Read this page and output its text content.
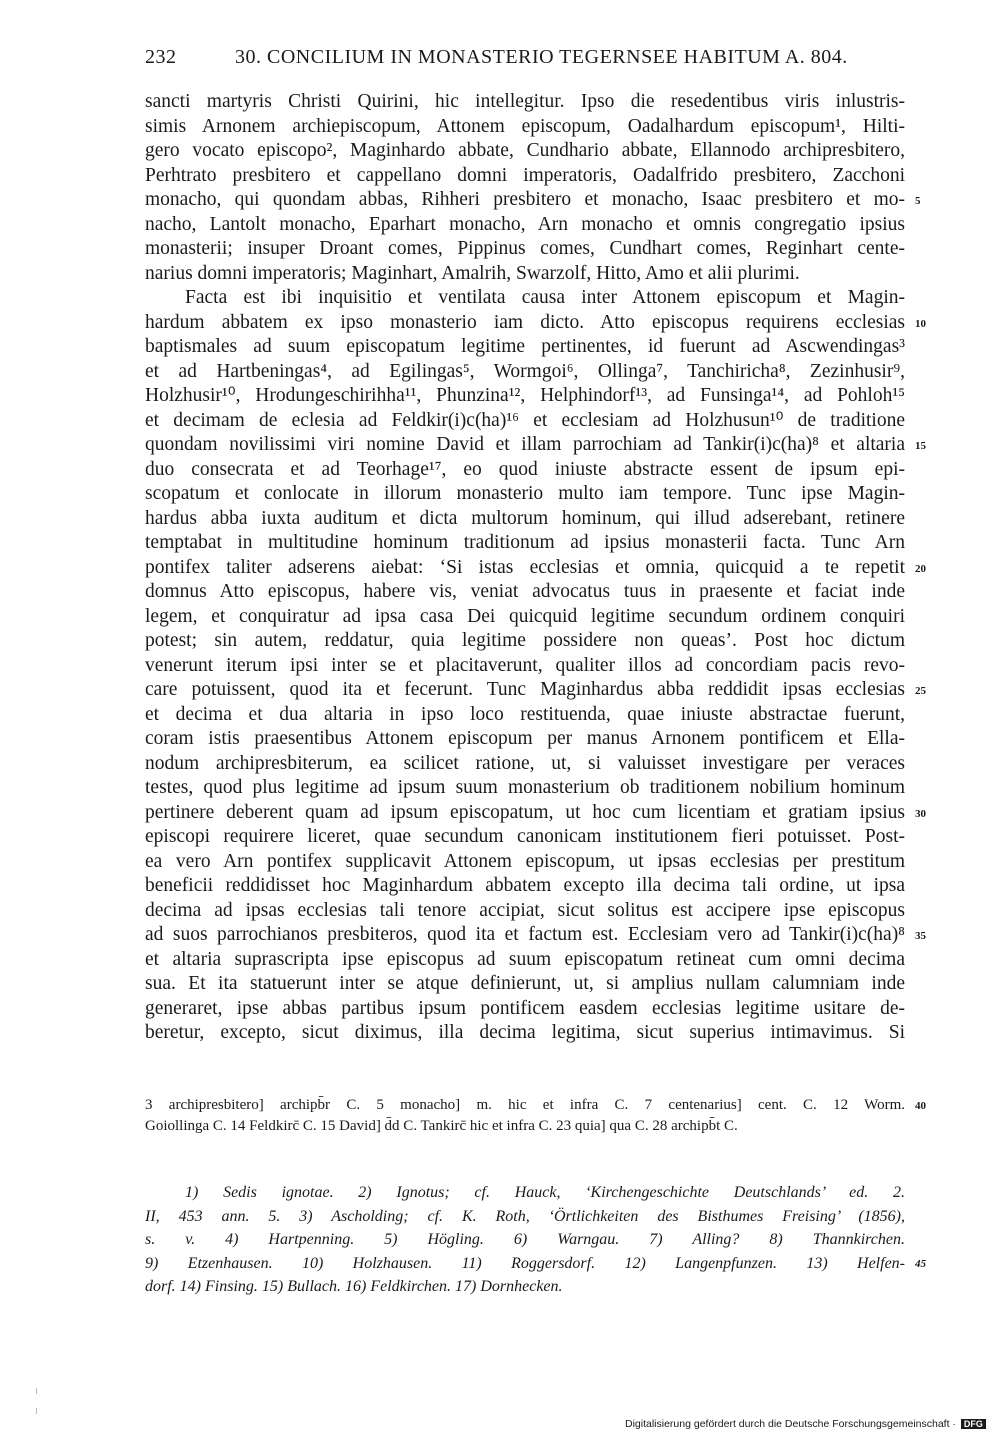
232	30. CONCILIUM IN MONASTERIO TEGERNSEE HABITUM A. 804.
sancti martyris Christi Quirini, hic intellegitur. Ipso die resedentibus viris inlustris-
simis Arnonem archiepiscopum, Attonem episcopum, Oadalhardum episcopum¹, Hilti-
gero vocato episcopo², Maginhardo abbate, Cundhario abbate, Ellannodo archipresbitero,
Perhtrato presbitero et cappellano domni imperatoris, Oadalfrido presbitero, Zacchoni
monacho, qui quondam abbas, Rihheri presbitero et monacho, Isaac presbitero et mo- 5
nacho, Lantolt monacho, Eparhart monacho, Arn monacho et omnis congregatio ipsius
monasterii; insuper Droant comes, Pippinus comes, Cundhart comes, Reginhart cente-
narius domni imperatoris; Maginhart, Amalrih, Swarzolf, Hitto, Amo et alii plurimi.
Facta est ibi inquisitio et ventilata causa inter Attonem episcopum et Magin-
hardum abbatem ex ipso monasterio iam dicto. Atto episcopus requirens ecclesias 10
baptismales ad suum episcopatum legitime pertinentes, id fuerunt ad Ascwendingas³
et ad Hartbeningas⁴, ad Egilingas⁵, Wormgoi⁶, Ollinga⁷, Tanchiricha⁸, Zezinhusir⁹,
Holzhusir¹⁰, Hrodungeschirihha¹¹, Phunzina¹², Helphindorf¹³, ad Funsinga¹⁴, ad Pohloh¹⁵
et decimam de eclesia ad Feldkir(i)c(ha)¹⁶ et ecclesiam ad Holzhusun¹⁰ de traditione
quondam novilissimi viri nomine David et illam parrochiam ad Tankir(i)c(ha)⁸ et altaria 15
duo consecrata et ad Teorhage¹⁷, eo quod iniuste abstracte essent de ipsum epi-
scopatum et conlocate in illorum monasterio multo iam tempore. Tunc ipse Magin-
hardus abba iuxta auditum et dicta multorum hominum, qui illud adserebant, retinere
temptabat in multitudine hominum traditionum ad ipsius monasterii facta. Tunc Arn
pontifex taliter adserens aiebat: ‘Si istas ecclesias et omnia, quicquid a te repetit 20
domnus Atto episcopus, habere vis, veniat advocatus tuus in praesente et faciat inde
legem, et conquiratur ad ipsa casa Dei quicquid legitime secundum ordinem conquiri
potest; sin autem, reddatur, quia legitime possidere non queas’. Post hoc dictum
venerunt iterum ipsi inter se et placitaverunt, qualiter illos ad concordiam pacis revo-
care potuissent, quod ita et fecerunt. Tunc Maginhardus abba reddidit ipsas ecclesias 25
et decima et dua altaria in ipso loco restituenda, quae iniuste abstractae fuerunt,
coram istis praesentibus Attonem episcopum per manus Arnonem pontificem et Ella-
nodum archipresbiterum, ea scilicet ratione, ut, si valuisset investigare per veraces
testes, quod plus legitime ad ipsum suum monasterium ob traditionem nobilium hominum
pertinere deberent quam ad ipsum episcopatum, ut hoc cum licentiam et gratiam ipsius 30
episcopi requirere liceret, quae secundum canonicam institutionem fieri potuisset. Post-
ea vero Arn pontifex supplicavit Attonem episcopum, ut ipsas ecclesias per prestitum
beneficii reddidisset hoc Maginhardum abbatem excepto illa decima tali ordine, ut ipsa
decima ad ipsas ecclesias tali tenore accipiat, sicut solitus est accipere ipse episcopus
ad suos parrochianos presbiteros, quod ita et factum est. Ecclesiam vero ad Tankir(i)c(ha)⁸ 35
et altaria suprascripta ipse episcopus ad suum episcopatum retineat cum omni decima
sua. Et ita statuerunt inter se atque definierunt, ut, si amplius nullam calumniam inde
generaret, ipse abbas partibus ipsum pontificem easdem ecclesias legitime usitare de-
beretur, excepto, sicut diximus, illa decima legitima, sicut superius intimavimus. Si
3 archipresbitero] archipb̄r C. 5 monacho] m. hic et infra C. 7 centenarius] cent. C. 12 Worm. 40
Goiollinga C. 14 Feldkirc̄ C. 15 David] d̄d C. Tankirc̄ hic et infra C. 23 quia] qua C. 28 archipb̄t C.
1) Sedis ignotae. 2) Ignotus; cf. Hauck, ‘Kirchengeschichte Deutschlands’ ed. 2.
II, 453 ann. 5. 3) Ascholding; cf. K. Roth, ‘Örtlichkeiten des Bisthumes Freising’ (1856),
s. v. 4) Hartpenning. 5) Högling. 6) Warngau. 7) Alling? 8) Thannkirchen.
9) Etzenhausen. 10) Holzhausen. 11) Roggersdorf. 12) Langenpfunzen. 13) Helfen- 45
dorf. 14) Finsing. 15) Bullach. 16) Feldkirchen. 17) Dornhecken.
Digitalisierung gefördert durch die Deutsche Forschungsgemeinschaft · DFG
